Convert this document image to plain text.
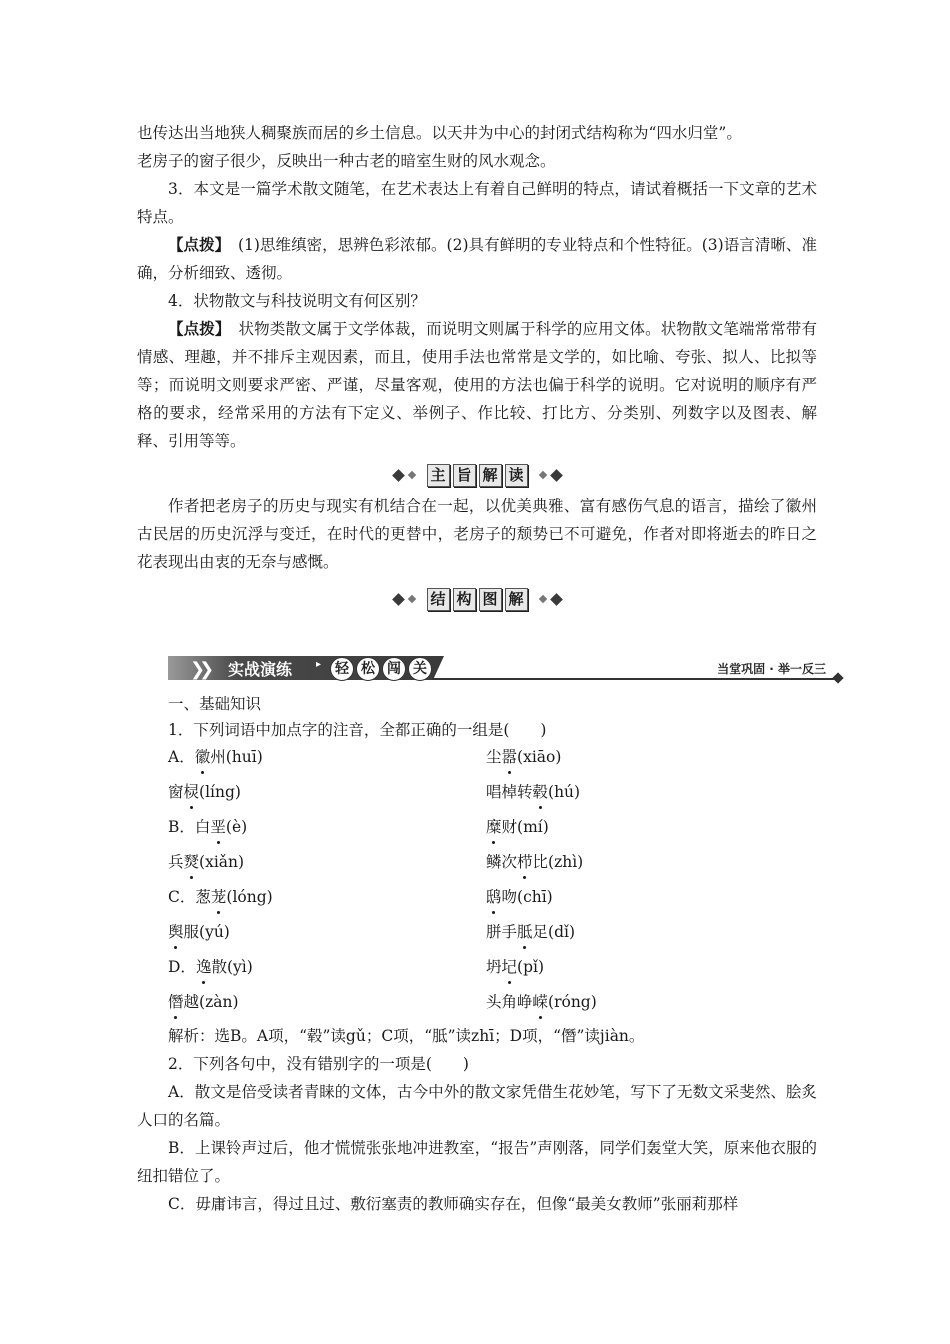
也传达出当地狭人稠聚族而居的乡土信息。以天井为中心的封闭式结构称为“四水归堂”。
老房子的窗子很少，反映出一种古老的暗室生财的风水观念。

3．本文是一篇学术散文随笔，在艺术表达上有着自己鲜明的特点，请试着概括一下文章的艺术特点。

【点拨】　(1)思维缜密，思辨色彩浓郁。(2)具有鲜明的专业特点和个性特征。(3)语言清晰、准确，分析细致、透彻。

4．状物散文与科技说明文有何区别？

【点拨】　状物类散文属于文学体裁，而说明文则属于科学的应用文体。状物散文笔端常常带有情感、理趣，并不排斥主观因素，而且，使用手法也常常是文学的，如比喻、夸张、拟人、比拟等等；而说明文则要求严密、严谨，尽量客观，使用的方法也偏于科学的说明。它对说明的顺序有严格的要求，经常采用的方法有下定义、举例子、作比较、打比方、分类别、列数字以及图表、解释、引用等等。

主 旨 解 读

作者把老房子的历史与现实有机结合在一起，以优美典雅、富有感伤气息的语言，描绘了徽州古民居的历史沉浮与变迁，在时代的更替中，老房子的颓势已不可避免，作者对即将逝去的昨日之花表现出由衷的无奈与感慨。

结 构 图 解
❯❯ 实战演练 ▸ 轻 松 闯 关	当堂巩固 · 举一反三

一、基础知识

1．下列词语中加点字的注音，全都正确的一组是(　　)

A．徽州(huī)	尘嚣(xiāo)
窗棂(líng)	唱棹转毂(hú)
B．白垩(è)	糜财(mí)
兵燹(xiǎn)	鳞次栉比(zhì)
C．葱茏(lóng)	鸱吻(chī)
舆服(yú)	胼手胝足(dǐ)
D．逸散(yì)	坍圮(pǐ)
僭越(zàn)	头角峥嵘(róng)

解析：选B。A项，“毂”读gǔ；C项，“胝”读zhī；D项，“僭”读jiàn。

2．下列各句中，没有错别字的一项是(　　)

A．散文是倍受读者青睐的文体，古今中外的散文家凭借生花妙笔，写下了无数文采斐然、脍炙人口的名篇。

B．上课铃声过后，他才慌慌张张地冲进教室，“报告”声刚落，同学们轰堂大笑，原来他衣服的纽扣错位了。

C．毋庸讳言，得过且过、敷衍塞责的教师确实存在，但像“最美女教师”张丽莉那样
